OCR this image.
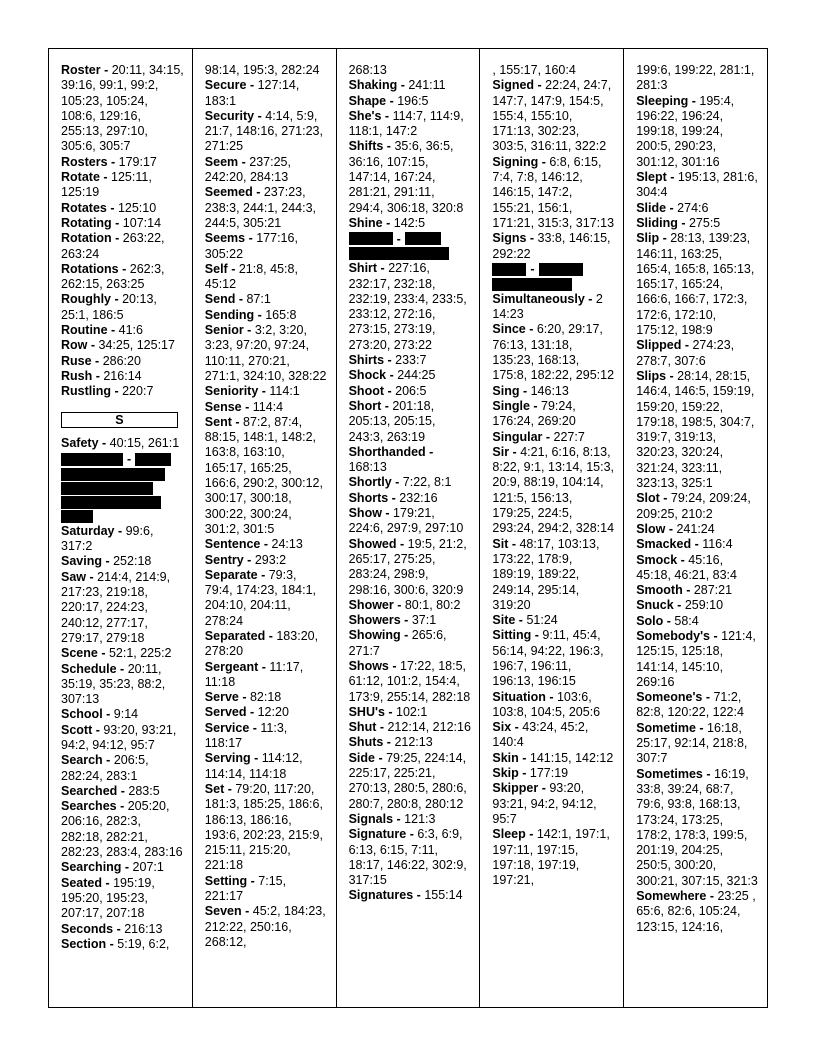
Roster - 20:11, 34:15, 39:16, 99:1, 99:2, 105:23, 105:24, 108:6, 129:16, 255:13, 297:10, 305:6, 305:7

Rosters - 179:17

Rotate - 125:11, 125:19

Rotates - 125:10

Rotating - 107:14

Rotation - 263:22, 263:24

Rotations - 262:3, 262:15, 263:25

Roughly - 20:13, 25:1, 186:5

Routine - 41:6

Row - 34:25, 125:17

Ruse - 286:20

Rush - 216:14

Rustling - 220:7

S

Safety - 40:15, 261:1

-

Saturday - 99:6, 317:2

Saving - 252:18

Saw - 214:4, 214:9, 217:23, 219:18, 220:17, 224:23, 240:12, 277:17, 279:17, 279:18

Scene - 52:1, 225:2

Schedule - 20:11, 35:19, 35:23, 88:2, 307:13

School - 9:14

Scott - 93:20, 93:21, 94:2, 94:12, 95:7

Search - 206:5, 282:24, 283:1

Searched - 283:5

Searches - 205:20, 206:16, 282:3, 282:18, 282:21, 282:23, 283:4, 283:16

Searching - 207:1

Seated - 195:19, 195:20, 195:23, 207:17, 207:18

Seconds - 216:13

Section - 5:19, 6:2,

98:14, 195:3, 282:24

Secure - 127:14, 183:1

Security - 4:14, 5:9, 21:7, 148:16, 271:23, 271:25

Seem - 237:25, 242:20, 284:13

Seemed - 237:23, 238:3, 244:1, 244:3, 244:5, 305:21

Seems - 177:16, 305:22

Self - 21:8, 45:8, 45:12

Send - 87:1

Sending - 165:8

Senior - 3:2, 3:20, 3:23, 97:20, 97:24, 110:11, 270:21, 271:1, 324:10, 328:22

Seniority - 114:1

Sense - 114:4

Sent - 87:2, 87:4, 88:15, 148:1, 148:2, 163:8, 163:10, 165:17, 165:25, 166:6, 290:2, 300:12, 300:17, 300:18, 300:22, 300:24, 301:2, 301:5

Sentence - 24:13

Sentry - 293:2

Separate - 79:3, 79:4, 174:23, 184:1, 204:10, 204:11, 278:24

Separated - 183:20, 278:20

Sergeant - 11:17, 11:18

Serve - 82:18

Served - 12:20

Service - 11:3, 118:17

Serving - 114:12, 114:14, 114:18

Set - 79:20, 117:20, 181:3, 185:25, 186:6, 186:13, 186:16, 193:6, 202:23, 215:9, 215:11, 215:20, 221:18

Setting - 7:15, 221:17

Seven - 45:2, 184:23, 212:22, 250:16, 268:12,

268:13

Shaking - 241:11

Shape - 196:5

She's - 114:7, 114:9, 118:1, 147:2

Shifts - 35:6, 36:5, 36:16, 107:15, 147:14, 167:24, 281:21, 291:11, 294:4, 306:18, 320:8

Shine - 142:5

-

Shirt - 227:16, 232:17, 232:18, 232:19, 233:4, 233:5, 233:12, 272:16, 273:15, 273:19, 273:20, 273:22

Shirts - 233:7

Shock - 244:25

Shoot - 206:5

Short - 201:18, 205:13, 205:15, 243:3, 263:19

Shorthanded - 168:13

Shortly - 7:22, 8:1

Shorts - 232:16

Show - 179:21, 224:6, 297:9, 297:10

Showed - 19:5, 21:2, 265:17, 275:25, 283:24, 298:9, 298:16, 300:6, 320:9

Shower - 80:1, 80:2

Showers - 37:1

Showing - 265:6, 271:7

Shows - 17:22, 18:5, 61:12, 101:2, 154:4, 173:9, 255:14, 282:18

SHU's - 102:1

Shut - 212:14, 212:16

Shuts - 212:13

Side - 79:25, 224:14, 225:17, 225:21, 270:13, 280:5, 280:6, 280:7, 280:8, 280:12

Signals - 121:3

Signature - 6:3, 6:9, 6:13, 6:15, 7:11, 18:17, 146:22, 302:9, 317:15

Signatures - 155:14

, 155:17, 160:4

Signed - 22:24, 24:7, 147:7, 147:9, 154:5, 155:4, 155:10, 171:13, 302:23, 303:5, 316:11, 322:2

Signing - 6:8, 6:15, 7:4, 7:8, 146:12, 146:15, 147:2, 155:21, 156:1, 171:21, 315:3, 317:13

Signs - 33:8, 146:15, 292:22

-

Simultaneously - 2 14:23

Since - 6:20, 29:17, 76:13, 131:18, 135:23, 168:13, 175:8, 182:22, 295:12

Sing - 146:13

Single - 79:24, 176:24, 269:20

Singular - 227:7

Sir - 4:21, 6:16, 8:13, 8:22, 9:1, 13:14, 15:3, 20:9, 88:19, 104:14, 121:5, 156:13, 179:25, 224:5, 293:24, 294:2, 328:14

Sit - 48:17, 103:13, 173:22, 178:9, 189:19, 189:22, 249:14, 295:14, 319:20

Site - 51:24

Sitting - 9:11, 45:4, 56:14, 94:22, 196:3, 196:7, 196:11, 196:13, 196:15

Situation - 103:6, 103:8, 104:5, 205:6

Six - 43:24, 45:2, 140:4

Skin - 141:15, 142:12

Skip - 177:19

Skipper - 93:20, 93:21, 94:2, 94:12, 95:7

Sleep - 142:1, 197:1, 197:11, 197:15, 197:18, 197:19, 197:21,

199:6, 199:22, 281:1, 281:3

Sleeping - 195:4, 196:22, 196:24, 199:18, 199:24, 200:5, 290:23, 301:12, 301:16

Slept - 195:13, 281:6, 304:4

Slide - 274:6

Sliding - 275:5

Slip - 28:13, 139:23, 146:11, 163:25, 165:4, 165:8, 165:13, 165:17, 165:24, 166:6, 166:7, 172:3, 172:6, 172:10, 175:12, 198:9

Slipped - 274:23, 278:7, 307:6

Slips - 28:14, 28:15, 146:4, 146:5, 159:19, 159:20, 159:22, 179:18, 198:5, 304:7, 319:7, 319:13, 320:23, 320:24, 321:24, 323:11, 323:13, 325:1

Slot - 79:24, 209:24, 209:25, 210:2

Slow - 241:24

Smacked - 116:4

Smock - 45:16, 45:18, 46:21, 83:4

Smooth - 287:21

Snuck - 259:10

Solo - 58:4

Somebody's - 121:4, 125:15, 125:18, 141:14, 145:10, 269:16

Someone's - 71:2, 82:8, 120:22, 122:4

Sometime - 16:18, 25:17, 92:14, 218:8, 307:7

Sometimes - 16:19, 33:8, 39:24, 68:7, 79:6, 93:8, 168:13, 173:24, 173:25, 178:2, 178:3, 199:5, 201:19, 204:25, 250:5, 300:20, 300:21, 307:15, 321:3

Somewhere - 23:25 , 65:6, 82:6, 105:24, 123:15, 124:16,
